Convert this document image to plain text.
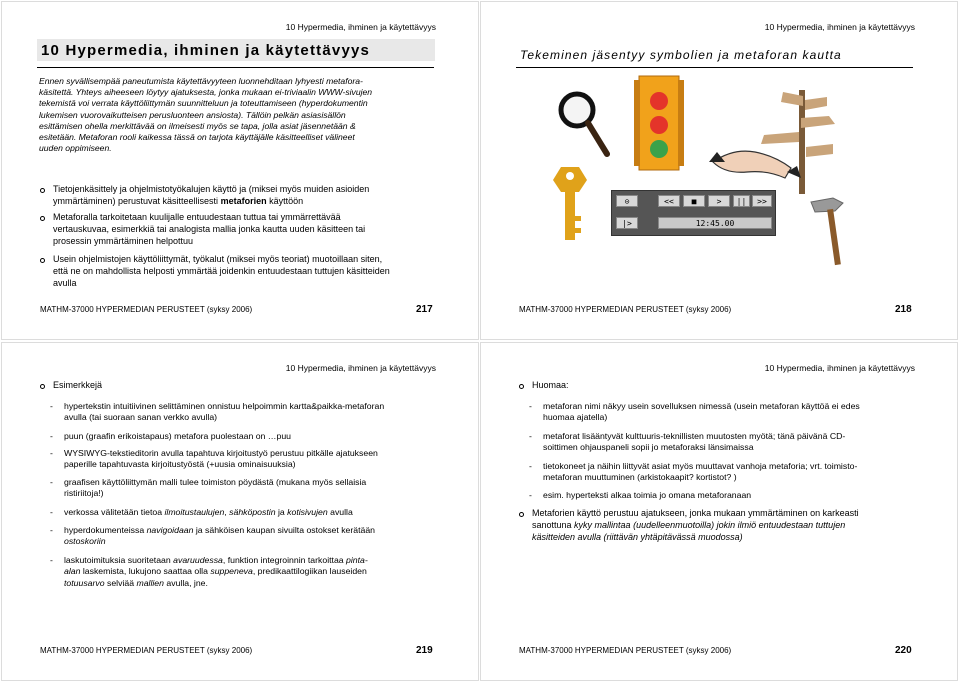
10 Hypermedia, ihminen ja käytettävyys
10 Hypermedia, ihminen ja käytettävyys
Ennen syvällisempää paneutumista käytettävyyteen luonnehditaan lyhyesti metafora-
käsitettä. Yhteys aiheeseen löytyy ajatuksesta, jonka mukaan ei-triviaalin WWW-sivujen
tekemistä voi verrata käyttöliittymän suunnitteluun ja toteuttamiseen (hyperdokumentin
lukemisen vuorovaikutteisen perusluonteen ansiosta). Tällöin pelkän asiasisällön
esittämisen ohella merkittävää on ilmeisesti myös se tapa, jolla asiat jäsennetään &
esitetään. Metaforan rooli kaikessa tässä on tarjota käyttäjälle käsitteelliset välineet
uuden oppimiseen.
Tietojenkäsittely ja ohjelmistotyökalujen käyttö ja (miksei myös muiden asioiden
ymmärtäminen) perustuvat käsitteellisesti metaforien käyttöön
Metaforalla tarkoitetaan kuulijalle entuudestaan tuttua tai ymmärrettävää
vertauskuvaa, esimerkkiä tai analogista mallia jonka kautta uuden käsitteen tai
prosessin ymmärtäminen helpottuu
Usein ohjelmistojen käyttöliittymät, työkalut (miksei myös teoriat) muotoillaan siten,
että ne on mahdollista helposti ymmärtää joidenkin entuudestaan tuttujen käsitteiden
avulla
MATHM-37000 HYPERMEDIAN PERUSTEET (syksy 2006)	217
10 Hypermedia, ihminen ja käytettävyys
Tekeminen jäsentyy symbolien ja metaforan kautta
⊙	<<	■	>	||	>>
|>	12:45.00
MATHM-37000 HYPERMEDIAN PERUSTEET (syksy 2006)	218
10 Hypermedia, ihminen ja käytettävyys
Esimerkkejä
- hypertekstin intuitiivinen selittäminen onnistuu helpoimmin kartta&paikka-metaforan
avulla (tai suoraan sanan verkko avulla)
- puun (graafin erikoistapaus) metafora puolestaan on …puu
- WYSIWYG-tekstieditorin avulla tapahtuva kirjoitustyö perustuu pitkälle ajatukseen
paperille tapahtuvasta kirjoitustyöstä (+uusia ominaisuuksia)
- graafisen käyttöliittymän malli tulee toimiston pöydästä (mukana myös sellaisia
ristiriitoja!)
- verkossa välitetään tietoa ilmoitustaulujen, sähköpostin ja kotisivujen avulla
- hyperdokumenteissa navigoidaan ja sähköisen kaupan sivuilta ostokset kerätään
ostoskoriin
- laskutoimituksia suoritetaan avaruudessa, funktion integroinnin tarkoittaa pinta-
alan laskemista, lukujono saattaa olla suppeneva, predikaattilogiikan lauseiden
totuusarvo selviää mallien avulla, jne.
MATHM-37000 HYPERMEDIAN PERUSTEET (syksy 2006)	219
10 Hypermedia, ihminen ja käytettävyys
Huomaa:
- metaforan nimi näkyy usein sovelluksen nimessä (usein metaforan käyttöä ei edes
huomaa ajatella)
- metaforat lisääntyvät kulttuuris-teknillisten muutosten myötä; tänä päivänä CD-
soittimen ohjauspaneli sopii jo metaforaksi länsimaissa
- tietokoneet ja näihin liittyvät asiat myös muuttavat vanhoja metaforia; vrt. toimisto-
metaforan muuttuminen (arkistokaapit? kortistot? )
- esim. hyperteksti alkaa toimia jo omana metaforanaan
Metaforien käyttö perustuu ajatukseen, jonka mukaan ymmärtäminen on karkeasti
sanottuna kyky mallintaa (uudelleenmuotoilla) jokin ilmiö entuudestaan tuttujen
käsitteiden avulla (riittävän yhtäpitävässä muodossa)
MATHM-37000 HYPERMEDIAN PERUSTEET (syksy 2006)	220
